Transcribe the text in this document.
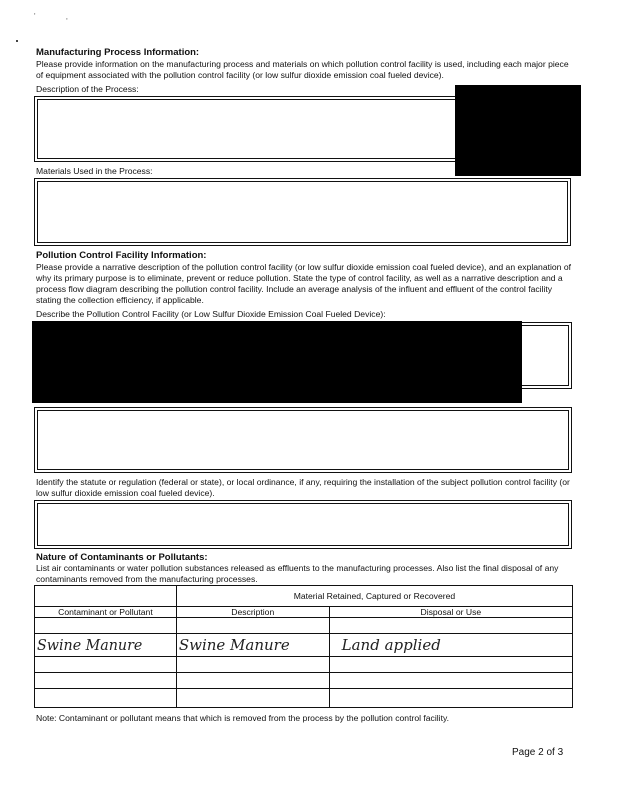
' ,
Manufacturing Process Information:
Please provide information on the manufacturing process and materials on which pollution control facility is used, including each major piece of equipment associated with the pollution control facility (or low sulfur dioxide emission coal fueled device).
Description of the Process:
Materials Used in the Process:
Pollution Control Facility Information:
Please provide a narrative description of the pollution control facility (or low sulfur dioxide emission coal fueled device), and an explanation of why its primary purpose is to eliminate, prevent or reduce pollution. State the type of control facility, as well as a narrative description and a process flow diagram describing the pollution control facility. Include an average analysis of the influent and effluent of the control facility stating the collection efficiency, if applicable.
Describe the Pollution Control Facility (or Low Sulfur Dioxide Emission Coal Fueled Device):
Identify the statute or regulation (federal or state), or local ordinance, if any, requiring the installation of the subject pollution control facility (or low sulfur dioxide emission coal fueled device).
Nature of Contaminants or Pollutants:
List air contaminants or water pollution substances released as effluents to the manufacturing processes. Also list the final disposal of any contaminants removed from the manufacturing processes.
	Material Retained, Captured or Recovered	
Contaminant or Pollutant	Description	Disposal or Use

Swine Manure	Swine Manure	Land applied

Note: Contaminant or pollutant means that which is removed from the process by the pollution control facility.
Page 2 of 3
